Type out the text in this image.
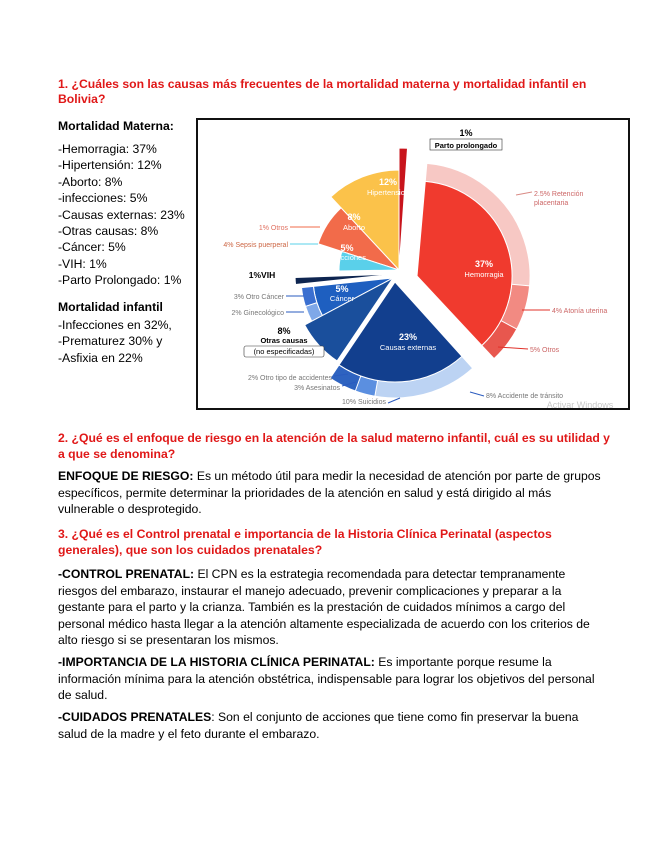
1. ¿Cuáles son las causas más frecuentes de la mortalidad materna y mortalidad infantil en Bolivia?
Mortalidad Materna:
-Hemorragia: 37%
-Hipertensión: 12%
-Aborto: 8%
-infecciones: 5%
-Causas externas: 23%
-Otras causas: 8%
-Cáncer: 5%
-VIH: 1%
-Parto Prolongado: 1%
Mortalidad infantil
-Infecciones en 32%,
-Prematurez 30% y
-Asfixia en 22%
1%
Parto prolongado
12%
Hipertension
8%
Aborto
5%
Infecciones
1%VIH
5%
Cáncer
8%
Otras causas
(no especificadas)
23%
Causas externas
37%
Hemorragia
2.5% Retención
placentaria
4% Atonía uterina
5% Otros
1% Otros
4% Sepsis puerperal
3% Otro Cáncer
2% Ginecológico
2% Otro tipo de accidentes
3% Asesinatos
10% Suicidios
8% Accidente de tránsito
Activar Windows
2. ¿Qué es el enfoque de riesgo en la atención de la salud materno infantil, cuál es su utilidad y a que se denomina?
ENFOQUE DE RIESGO: Es un método útil para medir la necesidad de atención por parte de grupos específicos, permite determinar la prioridades de la atención en salud y está dirigido al más vulnerable o desprotegido.
3. ¿Qué es el Control prenatal e importancia de la Historia Clínica Perinatal (aspectos generales), que son los cuidados prenatales?
-CONTROL PRENATAL: El CPN es la estrategia recomendada para detectar tempranamente riesgos del embarazo, instaurar el manejo adecuado, prevenir complicaciones y preparar a la gestante para el parto y la crianza. También es la prestación de cuidados mínimos a cargo del personal médico hasta llegar a la atención altamente especializada de acuerdo con los criterios de alto riesgo si se presentaran los mismos.
-IMPORTANCIA DE LA HISTORIA CLÍNICA PERINATAL: Es importante porque resume la información mínima para la atención obstétrica, indispensable para lograr los objetivos del personal de salud.
-CUIDADOS PRENATALES: Son el conjunto de acciones que tiene como fin preservar la buena salud de la madre y el feto durante el embarazo.
